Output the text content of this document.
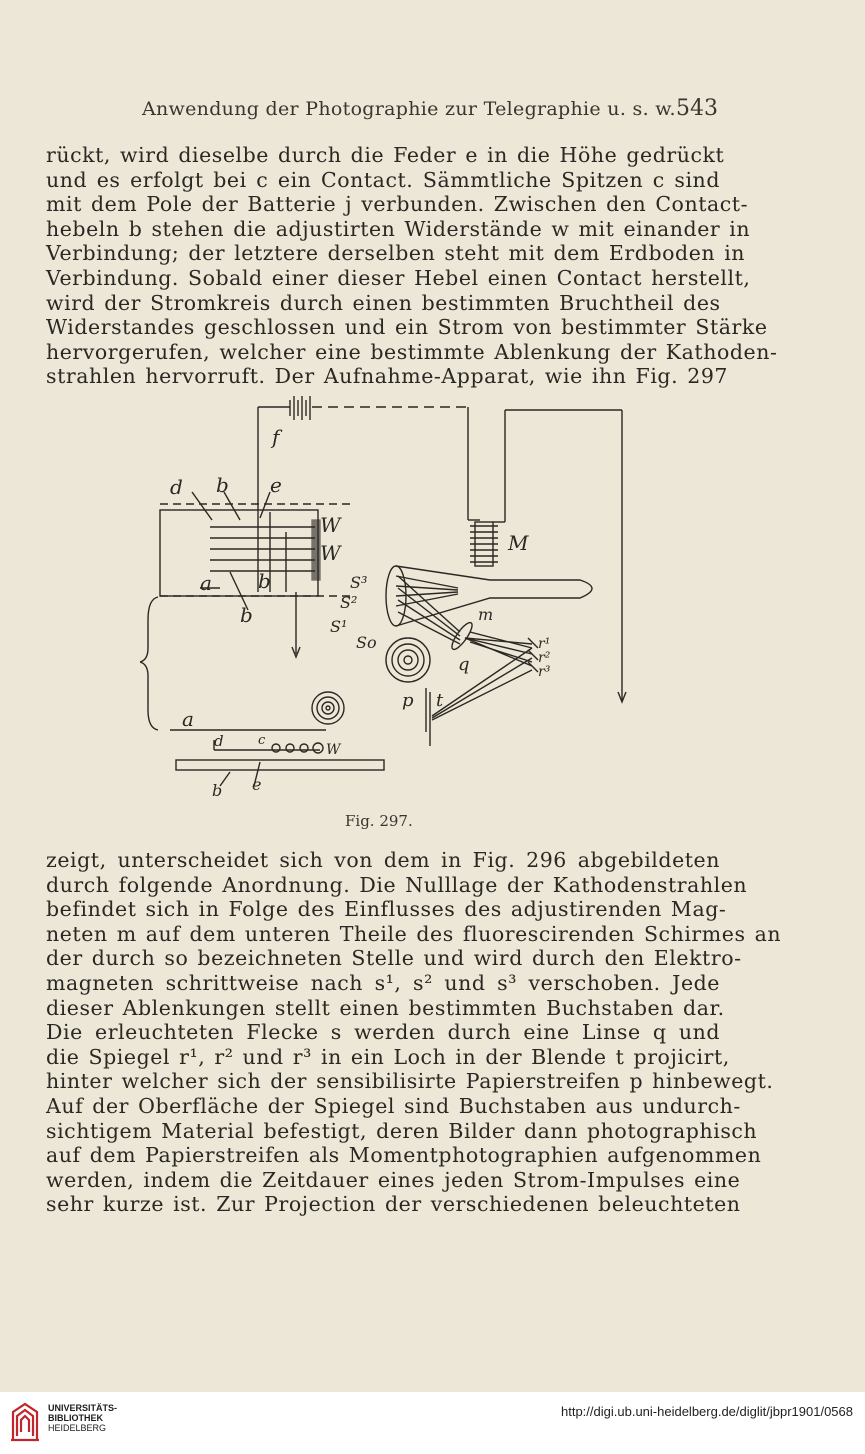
Anwendung der Photographie zur Telegraphie u. s. w. 543
rückt, wird dieselbe durch die Feder e in die Höhe gedrückt
und es erfolgt bei c ein Contact. Sämmtliche Spitzen c sind
mit dem Pole der Batterie j verbunden. Zwischen den Contact-
hebeln b stehen die adjustirten Widerstände w mit einander in
Verbindung; der letztere derselben steht mit dem Erdboden in
Verbindung. Sobald einer dieser Hebel einen Contact herstellt,
wird der Stromkreis durch einen bestimmten Bruchtheil des
Widerstandes geschlossen und ein Strom von bestimmter Stärke
hervorgerufen, welcher eine bestimmte Ablenkung der Kathoden-
strahlen hervorruft. Der Aufnahme-Apparat, wie ihn Fig. 297
f
d b e
W
W
a b
b
M
S³
S²
S¹
So
m
q
r¹
r²
r³
p t
a
d	c
W
b e
Fig. 297.
zeigt, unterscheidet sich von dem in Fig. 296 abgebildeten
durch folgende Anordnung. Die Nulllage der Kathodenstrahlen
befindet sich in Folge des Einflusses des adjustirenden Mag-
neten m auf dem unteren Theile des fluorescirenden Schirmes an
der durch so bezeichneten Stelle und wird durch den Elektro-
magneten schrittweise nach s¹, s² und s³ verschoben. Jede
dieser Ablenkungen stellt einen bestimmten Buchstaben dar.
Die erleuchteten Flecke s werden durch eine Linse q und
die Spiegel r¹, r² und r³ in ein Loch in der Blende t projicirt,
hinter welcher sich der sensibilisirte Papierstreifen p hinbewegt.
Auf der Oberfläche der Spiegel sind Buchstaben aus undurch-
sichtigem Material befestigt, deren Bilder dann photographisch
auf dem Papierstreifen als Momentphotographien aufgenommen
werden, indem die Zeitdauer eines jeden Strom-Impulses eine
sehr kurze ist. Zur Projection der verschiedenen beleuchteten
UNIVERSITÄTS-
BIBLIOTHEK
HEIDELBERG
http://digi.ub.uni-heidelberg.de/diglit/jbpr1901/0568
